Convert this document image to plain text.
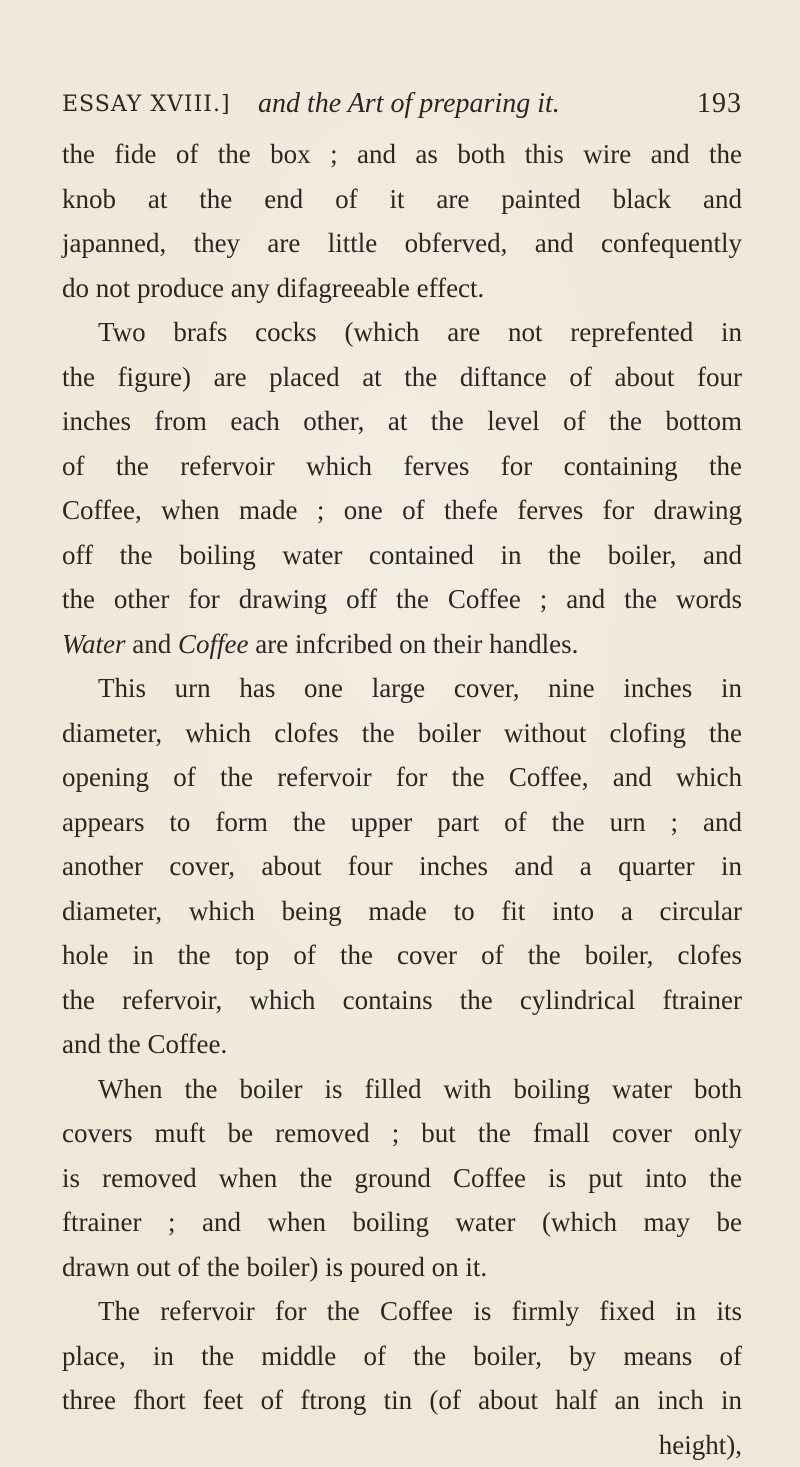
ESSAY XVIII.] and the Art of preparing it.	193
the fide of the box ; and as both this wire and the
knob at the end of it are painted black and
japanned, they are little obferved, and confequently
do not produce any difagreeable effect.
Two brafs cocks (which are not reprefented in
the figure) are placed at the diftance of about four
inches from each other, at the level of the bottom
of the refervoir which ferves for containing the
Coffee, when made ; one of thefe ferves for drawing
off the boiling water contained in the boiler, and
the other for drawing off the Coffee ; and the words
Water and Coffee are infcribed on their handles.
This urn has one large cover, nine inches in
diameter, which clofes the boiler without clofing the
opening of the refervoir for the Coffee, and which
appears to form the upper part of the urn ; and
another cover, about four inches and a quarter in
diameter, which being made to fit into a circular
hole in the top of the cover of the boiler, clofes
the refervoir, which contains the cylindrical ftrainer
and the Coffee.
When the boiler is filled with boiling water both
covers muft be removed ; but the fmall cover only
is removed when the ground Coffee is put into the
ftrainer ; and when boiling water (which may be
drawn out of the boiler) is poured on it.
The refervoir for the Coffee is firmly fixed in its
place, in the middle of the boiler, by means of
three fhort feet of ftrong tin (of about half an inch in
height),
